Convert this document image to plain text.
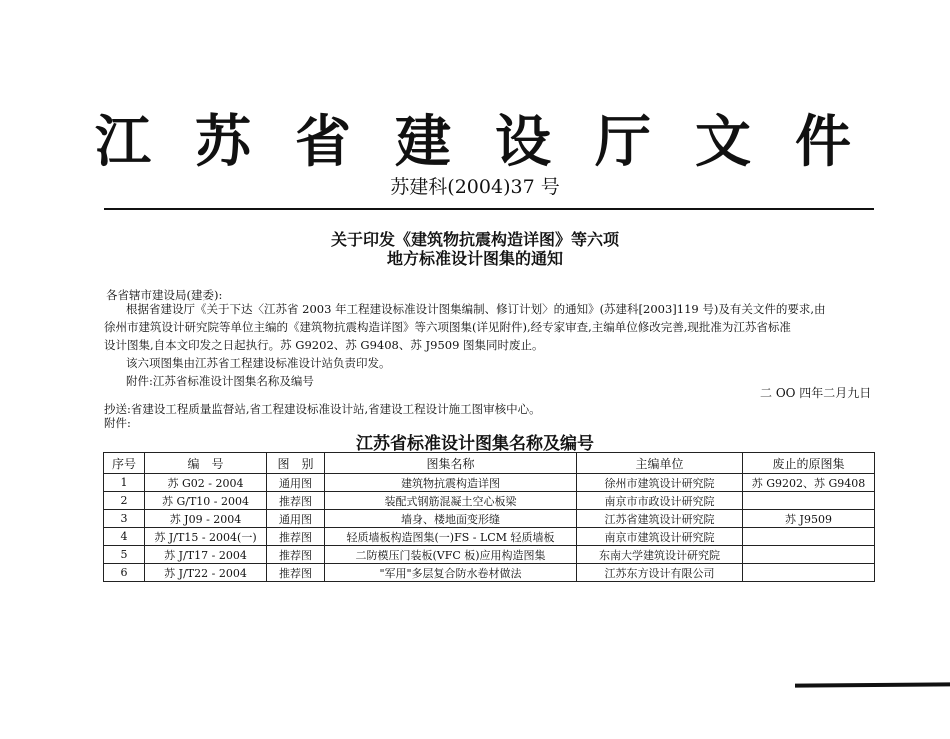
江苏省建设厅文件
苏建科(2004)37 号
关于印发《建筑物抗震构造详图》等六项
地方标准设计图集的通知
各省辖市建设局(建委):
根据省建设厅《关于下达〈江苏省 2003 年工程建设标准设计图集编制、修订计划〉的通知》(苏建科[2003]119 号)及有关文件的要求,由
徐州市建筑设计研究院等单位主编的《建筑物抗震构造详图》等六项图集(详见附件),经专家审查,主编单位修改完善,现批准为江苏省标准
设计图集,自本文印发之日起执行。苏 G9202、苏 G9408、苏 J9509 图集同时废止。
该六项图集由江苏省工程建设标准设计站负责印发。
附件:江苏省标准设计图集名称及编号
二 OO 四年二月九日
抄送:省建设工程质量监督站,省工程建设标准设计站,省建设工程设计施工图审核中心。
附件:
江苏省标准设计图集名称及编号
序号	编　号	图　别	图集名称	主编单位	废止的原图集
1	苏 G02 - 2004	通用图	建筑物抗震构造详图	徐州市建筑设计研究院	苏 G9202、苏 G9408
2	苏 G/T10 - 2004	推荐图	装配式钢筋混凝土空心板梁	南京市市政设计研究院	
3	苏 J09 - 2004	通用图	墙身、楼地面变形缝	江苏省建筑设计研究院	苏 J9509
4	苏 J/T15 - 2004(一)	推荐图	轻质墙板构造图集(一)FS - LCM 轻质墙板	南京市建筑设计研究院	
5	苏 J/T17 - 2004	推荐图	二防模压门装板(VFC 板)应用构造图集	东南大学建筑设计研究院	
6	苏 J/T22 - 2004	推荐图	"军用"多层复合防水卷材做法	江苏东方设计有限公司	
